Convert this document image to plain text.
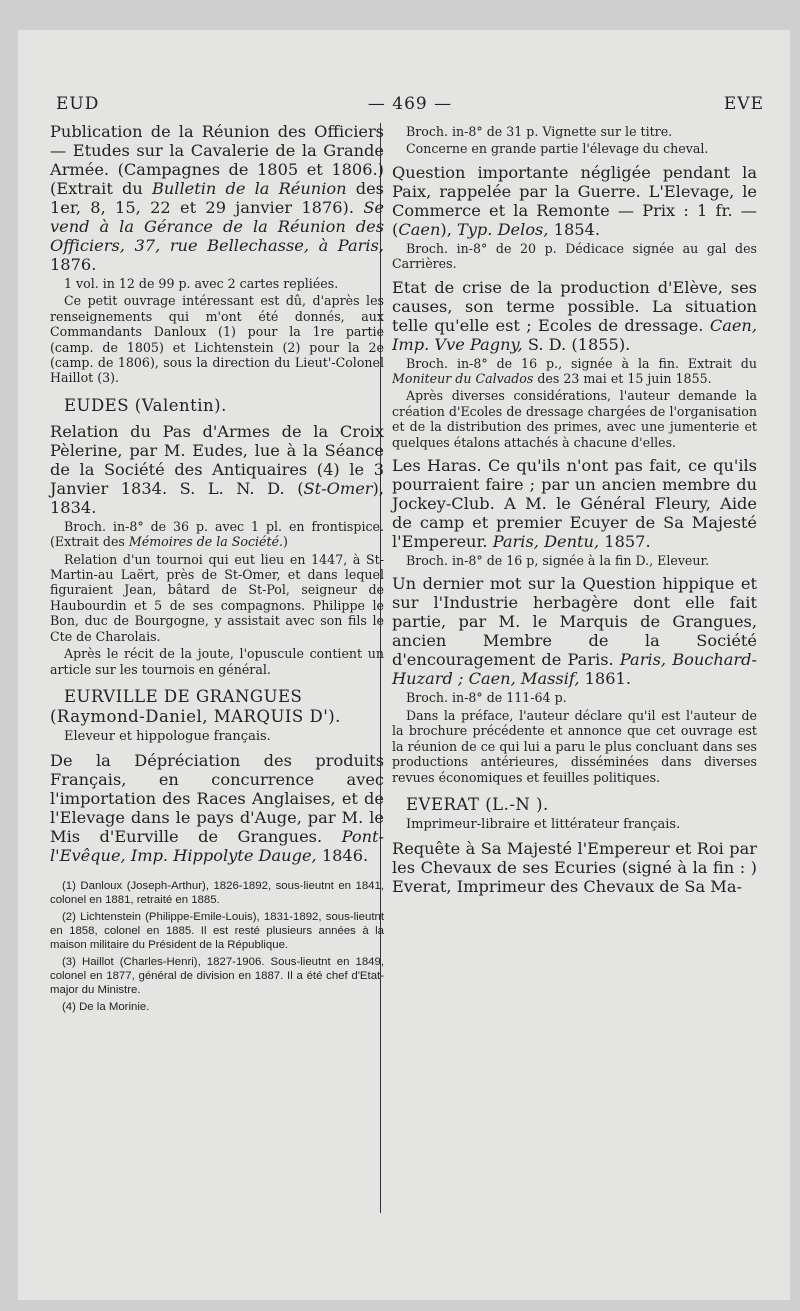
EUD	— 469 —	EVE

Publication de la Réunion des Officiers — Etudes sur la Cavalerie de la Grande Armée. (Campagnes de 1805 et 1806.) (Extrait du Bulletin de la Réunion des 1er, 8, 15, 22 et 29 janvier 1876). Se vend à la Gérance de la Réunion des Officiers, 37, rue Bellechasse, à Paris, 1876.

1 vol. in 12 de 99 p. avec 2 cartes repliées.

Ce petit ouvrage intéressant est dû, d'après les renseignements qui m'ont été donnés, aux Commandants Danloux (1) pour la 1re partie (camp. de 1805) et Lichtenstein (2) pour la 2e (camp. de 1806), sous la direction du Lieut'-Colonel Haillot (3).

EUDES (Valentin).

Relation du Pas d'Armes de la Croix Pèlerine, par M. Eudes, lue à la Séance de la Société des Antiquaires (4) le 3 Janvier 1834. S. L. N. D. (St-Omer), 1834.

Broch. in-8° de 36 p. avec 1 pl. en frontispice. (Extrait des Mémoires de la Société.)

Relation d'un tournoi qui eut lieu en 1447, à St-Martin-au Laërt, près de St-Omer, et dans lequel figuraient Jean, bâtard de St-Pol, seigneur de Haubourdin et 5 de ses compagnons. Philippe le Bon, duc de Bourgogne, y assistait avec son fils le Cte de Charolais.

Après le récit de la joute, l'opuscule contient un article sur les tournois en général.

EURVILLE DE GRANGUES (Raymond-Daniel, MARQUIS D').

Eleveur et hippologue français.

De la Dépréciation des produits Français, en concurrence avec l'importation des Races Anglaises, et de l'Elevage dans le pays d'Auge, par M. le Mis d'Eurville de Grangues. Pont-l'Evêque, Imp. Hippolyte Dauge, 1846.

(1) Danloux (Joseph-Arthur), 1826-1892, sous-lieutnt en 1841, colonel en 1881, retraité en 1885.

(2) Lichtenstein (Philippe-Emile-Louis), 1831-1892, sous-lieutnt en 1858, colonel en 1885. Il est resté plusieurs années à la maison militaire du Président de la République.

(3) Haillot (Charles-Henri), 1827-1906. Sous-lieutnt en 1849, colonel en 1877, général de division en 1887. Il a été chef d'Etat-major du Ministre.

(4) De la Morinie.

Broch. in-8° de 31 p. Vignette sur le titre.

Concerne en grande partie l'élevage du cheval.

Question importante négligée pendant la Paix, rappelée par la Guerre. L'Elevage, le Commerce et la Remonte — Prix : 1 fr. — (Caen), Typ. Delos, 1854.

Broch. in-8° de 20 p. Dédicace signée au gal des Carrières.

Etat de crise de la production d'Elève, ses causes, son terme possible. La situation telle qu'elle est ; Ecoles de dressage. Caen, Imp. Vve Pagny, S. D. (1855).

Broch. in-8° de 16 p., signée à la fin. Extrait du Moniteur du Calvados des 23 mai et 15 juin 1855.

Après diverses considérations, l'auteur demande la création d'Ecoles de dressage chargées de l'organisation et de la distribution des primes, avec une jumenterie et quelques étalons attachés à chacune d'elles.

Les Haras. Ce qu'ils n'ont pas fait, ce qu'ils pourraient faire ; par un ancien membre du Jockey-Club. A M. le Général Fleury, Aide de camp et premier Ecuyer de Sa Majesté l'Empereur. Paris, Dentu, 1857.

Broch. in-8° de 16 p, signée à la fin D., Eleveur.

Un dernier mot sur la Question hippique et sur l'Industrie herbagère dont elle fait partie, par M. le Marquis de Grangues, ancien Membre de la Société d'encouragement de Paris. Paris, Bouchard-Huzard ; Caen, Massif, 1861.

Broch. in-8° de 111-64 p.

Dans la préface, l'auteur déclare qu'il est l'auteur de la brochure précédente et annonce que cet ouvrage est la réunion de ce qui lui a paru le plus concluant dans ses productions antérieures, disséminées dans diverses revues économiques et feuilles politiques.

EVERAT (L.-N ).

Imprimeur-libraire et littérateur français.

Requête à Sa Majesté l'Empereur et Roi par les Chevaux de ses Ecuries (signé à la fin : ) Everat, Imprimeur des Chevaux de Sa Ma-
